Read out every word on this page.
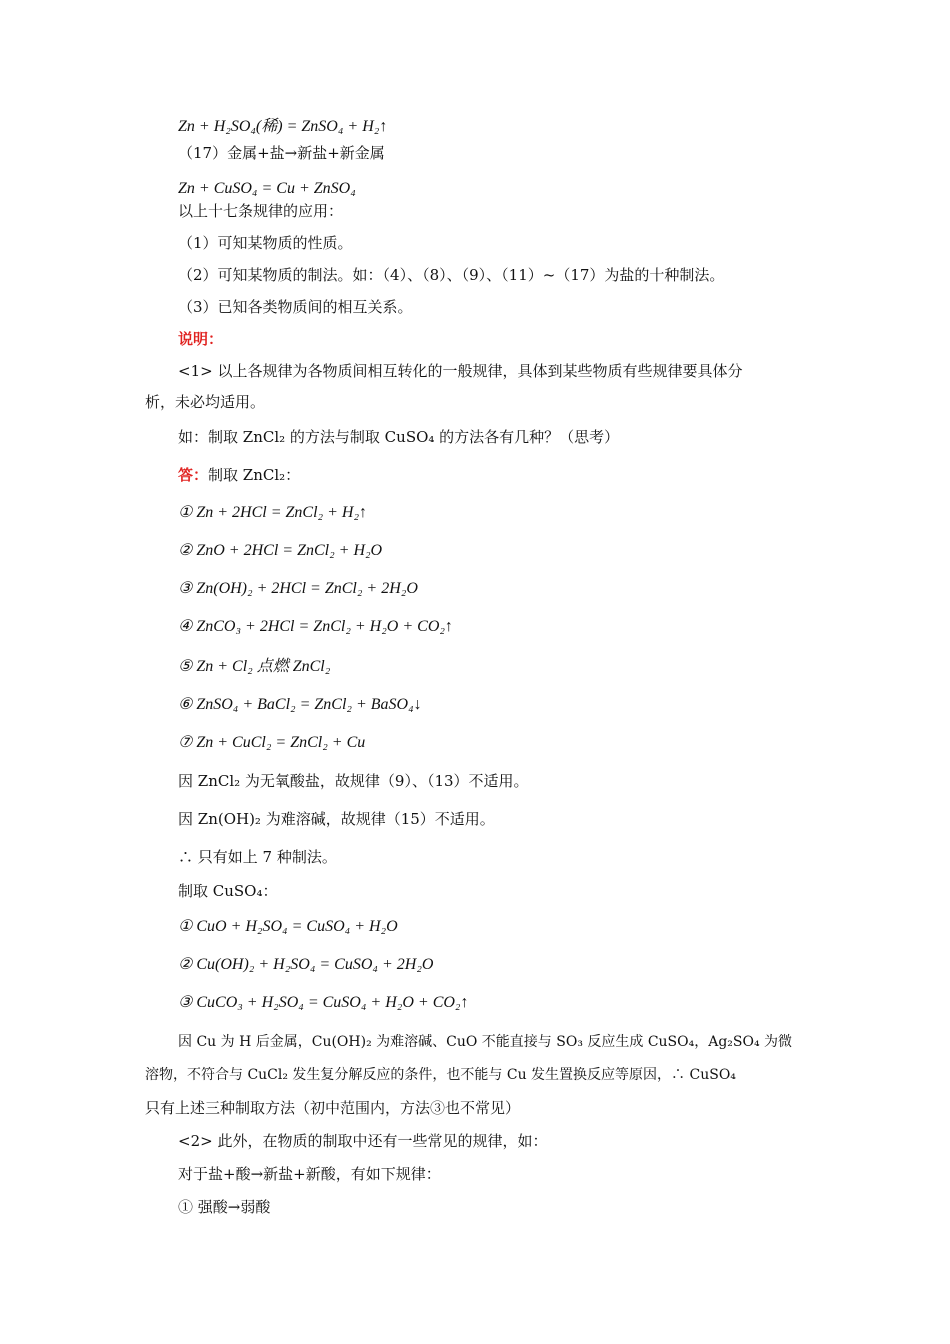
Zn + H₂SO₄(稀) = ZnSO₄ + H₂↑
（17）金属+盐→新盐+新金属
Zn + CuSO₄ = Cu + ZnSO₄
以上十七条规律的应用：
（1）可知某物质的性质。
（2）可知某物质的制法。如：（4）、（8）、（9）、（11）~（17）为盐的十种制法。
（3）已知各类物质间的相互关系。
说明：
<1> 以上各规律为各物质间相互转化的一般规律，具体到某些物质有些规律要具体分
析，未必均适用。
如：制取 ZnCl₂ 的方法与制取 CuSO₄ 的方法各有几种？（思考）
答：制取 ZnCl₂：
① Zn + 2HCl = ZnCl₂ + H₂↑
② ZnO + 2HCl = ZnCl₂ + H₂O
③ Zn(OH)₂ + 2HCl = ZnCl₂ + 2H₂O
④ ZnCO₃ + 2HCl = ZnCl₂ + H₂O + CO₂↑
⑤ Zn + Cl₂ 点燃 ZnCl₂
⑥ ZnSO₄ + BaCl₂ = ZnCl₂ + BaSO₄↓
⑦ Zn + CuCl₂ = ZnCl₂ + Cu
因 ZnCl₂ 为无氧酸盐，故规律（9）、（13）不适用。
因 Zn(OH)₂ 为难溶碱，故规律（15）不适用。
∴ 只有如上 7 种制法。
制取 CuSO₄：
① CuO + H₂SO₄ = CuSO₄ + H₂O
② Cu(OH)₂ + H₂SO₄ = CuSO₄ + 2H₂O
③ CuCO₃ + H₂SO₄ = CuSO₄ + H₂O + CO₂↑
因 Cu 为 H 后金属，Cu(OH)₂ 为难溶碱、CuO 不能直接与 SO₃ 反应生成 CuSO₄，Ag₂SO₄ 为微
溶物，不符合与 CuCl₂ 发生复分解反应的条件，也不能与 Cu 发生置换反应等原因，∴ CuSO₄
只有上述三种制取方法（初中范围内，方法③也不常见）
<2> 此外，在物质的制取中还有一些常见的规律，如：
对于盐+酸→新盐+新酸，有如下规律：
① 强酸→弱酸
